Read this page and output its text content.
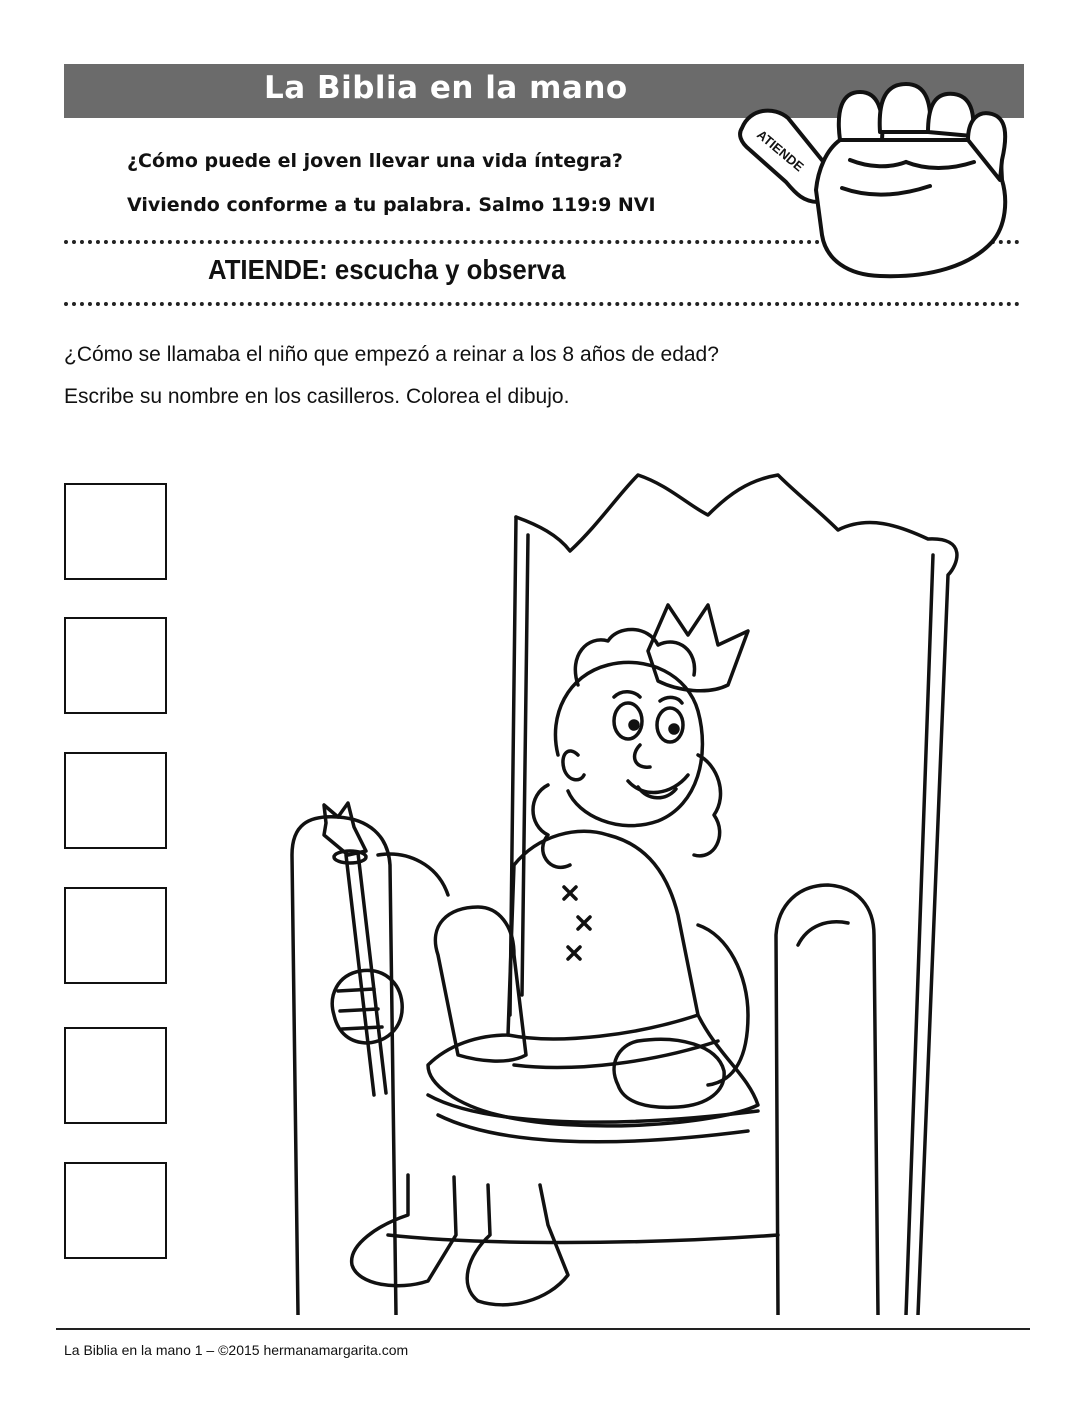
La Biblia en la mano
¿Cómo puede el joven llevar una vida íntegra?
Viviendo conforme a tu palabra. Salmo 119:9 NVI
ATIENDE: escucha y observa
ATIENDE
¿Cómo se llamaba el niño que empezó a reinar a los 8 años de edad?
Escribe su nombre en los casilleros. Colorea el dibujo.
La Biblia en la mano 1 – ©2015 hermanamargarita.com
